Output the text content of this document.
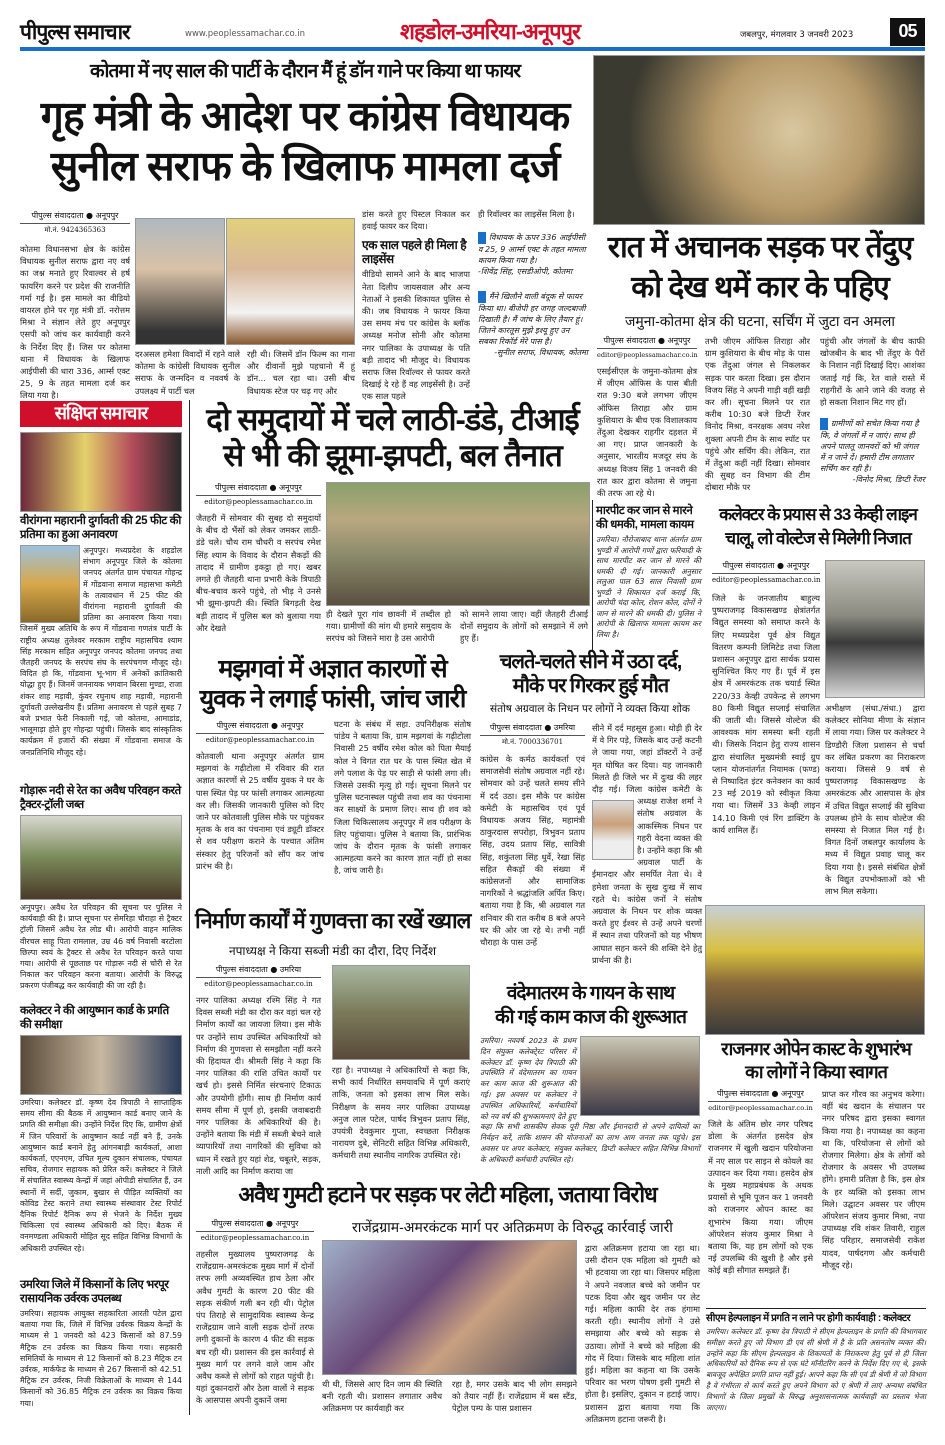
पीपुल्स समाचार	www.peoplessamachar.co.in	शहडोल-उमरिया-अनूपपुर	जबलपुर, मंगलवार 3 जनवरी 2023	05
कोतमा में नए साल की पार्टी के दौरान मैं हूं डॉन गाने पर किया था फायर
गृह मंत्री के आदेश पर कांग्रेस विधायक
सुनील सराफ के खिलाफ मामला दर्ज
पीपुल्स संवाददाता ● अनूपपुर
मो.नं. 9424365363
कोतमा विधानसभा क्षेत्र के कांग्रेस विधायक सुनील सराफ द्वारा नए वर्ष का जश्न मनाते हुए रिवाल्वर से हर्ष फायरिंग करने पर प्रदेश की राजनीति गर्मा गई है। इस मामले का वीडियो वायरल होने पर गृह मंत्री डॉ. नरोत्तम मिश्रा ने संज्ञान लेते हुए अनूपपुर एसपी को जांच कर कार्यवाही करने के निर्देश दिए हैं। जिस पर कोतमा थाना में विधायक के खिलाफ आईपीसी की धारा 336, आर्म्स एक्ट 25, 9 के तहत मामला दर्ज कर लिया गया है।
दरअसल हमेशा विवादों में रहने वाले कोतमा के कांग्रेसी विधायक सुनील सराफ के जन्मदिन व नववर्ष के उपलक्ष्य में पार्टी चल
रही थी। जिसमें डॉन फिल्म का गाना और दीवानों मुझे पहचानो मैं हूं डॉन... चल रहा था। उसी बीच विधायक स्टेज पर चढ़ गए और
डांस करते हुए पिस्टल निकाल कर हवाई फायर कर दिया।
एक साल पहले ही मिला है लाइसेंस
वीडियो सामने आने के बाद भाजपा नेता दिलीप जायसवाल और अन्य नेताओं ने इसकी शिकायत पुलिस से की। जब विधायक ने फायर किया उस समय मंच पर कांग्रेस के ब्लॉक अध्यक्ष मनोज सोनी और कोतमा नगर पालिका के उपाध्यक्ष के पति बड़ी तादाद भी मौजूद थे। विधायक सराफ जिस रिवॉल्वर से फायर करते दिखाई दे रहे हैं वह लाइसेंसी है। उन्हें एक साल पहले
ही रिवॉल्वर का लाइसेंस मिला है।
विधायक के ऊपर 336 आईपीसी व 25, 9 आर्म्स एक्ट के तहत मामला कायम किया गया है।
-शिवेंद्र सिंह, एसडीओपी, कोतमा
मैंने खिलौने वाली बंदूक से फायर किया था। बीजेपी हर जगह जल्दबाजी दिखाती है। मैं जांच के लिए तैयार हूं। जितने कारतूस मुझे इश्यू हुए उन सबका रिकॉर्ड मेरे पास है।
-सुनील सराफ, विधायक, कोतमा
रात में अचानक सड़क पर तेंदुए
को देख थमें कार के पहिए
जमुना-कोतमा क्षेत्र की घटना, सर्चिंग में जुटा वन अमला
पीपुल्स संवाददाता ● अनूपपुर
editor@peoplessamachar.co.in
एसईसीएल के जमुना-कोतमा क्षेत्र में जीएम ऑफिस के पास बीती रात 9:30 बजे लगभग जीएम ऑफिस तिराहा और ग्राम कुशियारा के बीच एक विशालकाय तेंदुआ देखकर राहगीर दहशत में आ गए। प्राप्त जानकारी के अनुसार, भारतीय मजदूर संघ के अध्यक्ष विजय सिंह 1 जनवरी की रात कार द्वारा कोतमा से जमुना की तरफ आ रहे थे।
तभी जीएम ऑफिस तिराहा और ग्राम कुशियारा के बीच मोड़ के पास एक तेंदुआ जंगल से निकलकर सड़क पार करता दिखा। इस दौरान विजय सिंह ने अपनी गाड़ी वहीं खड़ी कर ली। सूचना मिलने पर रात करीब 10:30 बजे डिप्टी रेंजर विनोद मिश्रा, वनरक्षक अवध नरेश शुक्ला अपनी टीम के साथ स्पॉट पर पहुंचे और सर्चिंग की। लेकिन, रात में तेंदुआ कहीं नहीं दिखा। सोमवार की सुबह वन विभाग की टीम दोबारा मौके पर
पहुंची और जंगलों के बीच काफी खोजबीन के बाद भी तेंदुए के पैरों के निशान नहीं दिखाई दिए। आशंका जताई गई कि, रेत वाले रास्ते में राहगीरों के आने जाने की वजह से हो सकता निशान मिट गए हों।
ग्रामीणों को सचेत किया गया है कि, वे जंगलों में न जाएं। साथ ही अपने पालतू जानवरों को भी जंगल में न जाने दें। हमारी टीम लगातार सर्चिंग कर रही है।
-विनोद मिश्रा, डिप्टी रेंजर
संक्षिप्त समाचार
वीरांगना महारानी दुर्गावती की 25 फीट की प्रतिमा का हुआ अनावरण
अनूपपुर। मध्यप्रदेश के शहडोल संभाग अनूपपुर जिले के कोतमा जनपद अंतर्गत ग्राम पंचायत गोहन्द्र में गोंडवाना समाज महासभा कमेटी के तत्वावधान में 25 फीट की वीरांगना महारानी दुर्गावती की प्रतिमा का अनावरण किया गया। जिसमें मुख्य अतिथि के रूप में गोंडवाना गणतंत्र पार्टी के राष्ट्रीय अध्यक्ष तुलेश्वर मरकाम राष्ट्रीय महासचिव श्याम सिंह मरकाम सहित अनूपपुर जनपद कोतमा जनपद तथा जैतहरी जनपद के सरपंच संघ के सरपंचगण मौजूद रहे। विदित हो कि, गोंडवाना भू-भाग में अनेकों क्रांतिकारी योद्धा हुए हैं। जिनमें जननायक भगवान बिरसा मुण्डा, राजा शंकर शाह मड़ावी, कुंवर रघुनाथ शाह मड़ावी, महारानी दुर्गावती उल्लेखनीय हैं। प्रतिमा अनावरण से पहले सुबह 7 बजे प्रभात फेरी निकाली गई, जो कोतमा, आमाडांड, भालूमाड़ा होते हुए गोहन्द्रा पहुंची। जिसके बाद सांस्कृतिक कार्यक्रम में हजारों की संख्या में गोंडवाना समाज के जनप्रतिनिधि मौजूद रहे।
गोड़ारू नदी से रेत का अवैध परिवहन करते ट्रैक्टर-ट्रॉली जब्त
अनूपपुर। अवैध रेत परिवहन की सूचना पर पुलिस ने कार्यवाही की है। प्राप्त सूचना पर सेमरिहा चौराहा से ट्रैक्टर ट्रॉली जिसमें अवैध रेत लोड थी। आरोपी वाहन मालिक वीरचल साहू पिता रामलाल, उम्र 46 वर्ष निवासी बरटोला छिल्पा स्वयं के ट्रैक्टर से अवैध रेत परिवहन करते पाया गया। आरोपी से पूछताछ पर गोड़ारू नदी से चोरी से रेत निकाल कर परिवहन करना बताया। आरोपी के विरुद्ध प्रकरण पंजीबद्ध कर कार्यवाही की जा रही है।
कलेक्टर ने की आयुष्मान कार्ड के प्रगति की समीक्षा
उमरिया। कलेक्टर डॉ. कृष्ण देव त्रिपाठी ने साप्ताहिक समय सीमा की बैठक में आयुष्मान कार्ड बनाए जाने के प्रगति की समीक्षा की। उन्होंने निर्देश दिए कि, ग्रामीण क्षेत्रों में जिन परिवारों के आयुष्मान कार्ड नहीं बने हैं, उनके आयुष्मान कार्ड बनाने हेतु आंगनबाड़ी कार्यकर्ता, आशा कार्यकर्ता, एएनएम, उचित मूल्य दुकान संचालक, पंचायत सचिव, रोजगार सहायक को प्रेरित करें। कलेक्टर ने जिले में संचालित स्वास्थ्य केन्द्रों में जहां ओपीडी संचालित हैं, उन स्थानों में सर्दी, जुकाम, बुखार से पीड़ित व्यक्तियों का कोविड टेस्ट कराने तथा स्वास्थ्य संस्थावार टेस्ट रिपोर्ट दैनिक रिपोर्ट दैनिक रूप से भेजने के निर्देश मुख्य चिकित्सा एवं स्वास्थ्य अधिकारी को दिए। बैठक में वनमण्डला अधिकारी मोहित सूद सहित विभिन्न विभागों के अधिकारी उपस्थित रहे।
उमरिया जिले में किसानों के लिए भरपूर रासायनिक उर्वरक उपलब्ध
उमरिया। सहायक आयुक्त सहकारिता आरती पटेल द्वारा बताया गया कि, जिले में विभिन्न उर्वरक विक्रय केन्द्रों के माध्यम से 1 जनवरी को 423 किसानों को 87.59 मैट्रिक टन उर्वरक का विक्रय किया गया। सहकारी समितियों के माध्यम से 12 किसानों को 8.23 मैट्रिक टन उर्वरक, मार्कफेड के माध्यम से 267 किसानों को 42.51 मैट्रिक टन उर्वरक, निजी विक्रेताओं के माध्यम से 144 किसानों को 36.85 मैट्रिक टन उर्वरक का विक्रय किया गया।
दो समुदायों में चले लाठी-डंडे, टीआई
से भी की झूमा-झपटी, बल तैनात
पीपुल्स संवाददाता ● अनूपपुर
editor@peoplessamachar.co.in
जैतहरी में सोमवार की सुबह दो समुदायों के बीच दो भैंसों को लेकर जमकर लाठी-डंडे चले। चौथ राम चौधरी व सरपंच रमेश सिंह श्याम के विवाद के दौरान सैकड़ों की तादाद में ग्रामीण इकट्ठा हो गए। खबर लगते ही जैतहरी थाना प्रभारी केके त्रिपाठी बीच-बचाव करने पहुंचे, तो भीड़ ने उनसे भी झूमा-झपटी की। स्थिति बिगड़ती देख बड़ी तादाद में पुलिस बल को बुलाया गया और देखते
ही देखते पूरा गांव छावनी में तब्दील हो गया। ग्रामीणों की मांग थी हमारे समुदाय के सरपंच को जिसने मारा है उस आरोपी
को सामने लाया जाए। वहीं जैतहरी टीआई दोनों समुदाय के लोगों को समझाने में लगे हुए हैं।
मारपीट कर जान से मारने की धमकी, मामला कायम
उमरिया। नौरोजाबाद थाना अंतर्गत ग्राम भुण्डी में आरोपी गणों द्वारा फरियादी के साथ मारपीट कर जान से मारने की धमकी दी गई। जानकारी अनुसार ललुआ पाल 63 साल निवासी ग्राम भुण्डी ने शिकायत दर्ज कराई कि, आरोपी चंदा कोल, रोशन कोल, दोनों ने जान से मारने की धमकी दी। पुलिस ने आरोपी के खिलाफ मामला कायम कर लिया है।
कलेक्टर के प्रयास से 33 केव्ही लाइन
चालू, लो वोल्टेज से मिलेगी निजात
पीपुल्स संवाददाता ● अनूपपुर
editor@peoplessamachar.co.in
जिले के जनजातीय बाहुल्य पुष्पराजगढ़ विकासखण्ड क्षेत्रांतर्गत विद्युत समस्या को समाप्त करने के लिए मध्यप्रदेश पूर्व क्षेत्र विद्युत वितरण कम्पनी लिमिटेड तथा जिला प्रशासन अनूपपुर द्वारा सार्थक प्रयास सुनिश्चित किए गए हैं। पूर्व में इस क्षेत्र में अमरकंटक तक चयार्ड स्थित 220/33 केव्ही उपकेन्द्र से लगभग 80 किमी विद्युत सप्लाई संचालित की जाती थी। जिससे वोल्टेज की आवश्यक मांग समस्या बनी रहती थी। जिसके निदान हेतु राज्य शासन द्वारा संचालित मुख्यमंत्री स्वाई ग्रुप प्लान योजनांतर्गत नियामक (फण्ड) से निष्पादित इंटर कनेक्शन का कार्य 23 मई 2019 को स्वीकृत किया गया था। जिसमें 33 केव्ही लाइन 14.10 किमी एवं रिंग डाक्टिंग के कार्य शामिल हैं।
अभीक्षण (संधा./संधा.) द्वारा कलेक्टर सोनिया मीणा के संज्ञान में लाया गया। जिस पर कलेक्टर ने डिण्डौरी जिला प्रशासन से चर्चा कर लंबित प्रकरण का निराकरण कराया। जिससे 9 वर्ष से पुष्पराजगढ़ विकासखण्ड के अमरकंटक और आसपास के क्षेत्र में उचित विद्युत सप्लाई की सुविधा उपलब्ध होने के साथ वोल्टेज की समस्या से निजात मिल गई है। विगत दिनों जबलपुर कार्यालय के मध्य में विद्युत प्रवाह चालू कर दिया गया है। इससे संबंधित क्षेत्रों के विद्युत उपभोक्ताओं को भी लाभ मिल सकेगा।
मझगवां में अज्ञात कारणों से
युवक ने लगाई फांसी, जांच जारी
पीपुल्स संवाददाता ● अनूपपुर
editor@peoplessamachar.co.in
कोतवाली थाना अनूपपुर अंतर्गत ग्राम मझगवां के गढ़ीटोला में रविवार की रात अज्ञात कारणों से 25 वर्षीय युवक ने घर के पास स्थित पेड़ पर फांसी लगाकर आत्महत्या कर ली। जिसकी जानकारी पुलिस को दिए जाने पर कोतवाली पुलिस मौके पर पहुंचकर मृतक के शव का पंचनामा एवं ड्यूटी डॉक्टर से शव परीक्षण कराने के पश्चात अंतिम संस्कार हेतु परिजनों को सौंप कर जांच प्रारंभ की है।
घटना के संबंध में सहा. उपनिरीक्षक संतोष पांडेय ने बताया कि, ग्राम मझगवां के गढ़ीटोला निवासी 25 वर्षीय रमेश कोल को पिता मैयाई कोल ने विगत रात घर के पास स्थित खेत में लगे पलाश के पेड़ पर साड़ी से फांसी लगा ली। जिससे उसकी मृत्यु हो गई। सूचना मिलने पर पुलिस घटनास्थल पहुंची तथा शव का पंचनामा कर साक्ष्यों के प्रमाण लिए। साथ ही शव को जिला चिकित्सालय अनूपपुर में शव परीक्षण के लिए पहुंचाया। पुलिस ने बताया कि, प्रारंभिक जांच के दौरान मृतक के फांसी लगाकर आत्महत्या करने का कारण ज्ञात नहीं हो सका है, जांच जारी है।
चलते-चलते सीने में उठा दर्द,
मौके पर गिरकर हुई मौत
संतोष अग्रवाल के निधन पर लोगों ने व्यक्त किया शोक
पीपुल्स संवाददाता ● उमरिया
मो.नं. 7000336701
कांग्रेस के कर्मठ कार्यकर्ता एवं समाजसेवी संतोष अग्रवाल नहीं रहे। सोमवार को उन्हें चलते समय सीने में दर्द उठा। इस मौके पर कांग्रेस कमेटी के महासचिव एवं पूर्व विधायक अजय सिंह, महामंत्री ठाकुरदास सपरोहा, त्रिभुवन प्रताप सिंह, उदय प्रताप सिंह, सावित्री सिंह, शकुंतला सिंह धुर्वे, रेखा सिंह सहित सैकड़ों की संख्या में कांग्रेसजनों और सामाजिक नागरिकों ने श्रद्धांजलि अर्पित किए। बताया गया है कि, श्री अग्रवाल गत शनिवार की रात करीब 8 बजे अपने घर की ओर जा रहे थे। तभी नहीं चौराहा के पास उन्हें
सीने में दर्द महसूस हुआ। थोड़ी ही देर में वे गिर पड़े, जिसके बाद उन्हें कटनी ले जाया गया, जहां डॉक्टरों ने उन्हें मृत घोषित कर दिया। यह जानकारी मिलते ही जिले भर में दुःख की लहर दौड़ गई। जिला कांग्रेस कमेटी के अध्यक्ष राजेश शर्मा ने संतोष अग्रवाल के आकस्मिक निधन पर गहरी वेदना व्यक्त की है। उन्होंने कहा कि श्री अग्रवाल पार्टी के ईमानदार और समर्पित नेता थे। वे हमेशा जनता के सुख दुःख में साथ रहते थे। कांग्रेस जनों ने संतोष अग्रवाल के निधन पर शोक व्यक्त करते हुए ईश्वर से उन्हें अपने चरणों में स्थान तथा परिजनों को यह भीषण आघात सहन करने की शक्ति देने हेतु प्रार्थना की है।
निर्माण कार्यों में गुणवत्ता का रखें ख्याल
नपाध्यक्ष ने किया सब्जी मंडी का दौरा, दिए निर्देश
पीपुल्स संवाददाता ● उमरिया
editor@peoplessamachar.co.in
नगर पालिका अध्यक्ष रश्मि सिंह ने गत दिवस सब्जी मंडी का दौरा कर वहां चल रहे निर्माण कार्यों का जायजा लिया। इस मौके पर उन्होंने साथ उपस्थित अधिकारियों को निर्माण की गुणवत्ता से समझौता नहीं करने की हिदायत दी। श्रीमती सिंह ने कहा कि नगर पालिका की राशि उचित कार्यों पर खर्च हो। इससे निर्मित संरचनाएं टिकाऊ और उपयोगी होंगी। साथ ही निर्माण कार्य समय सीमा में पूर्ण हो, इसकी जवाबदारी नगर पालिका के अधिकारियों की है। उन्होंने बताया कि मंडी में सब्जी बेचने वाले व्यापारियों तथा नागरिकों की सुविधा को ध्यान में रखते हुए यहां शेड, चबूतरे, सड़क, नाली आदि का निर्माण कराया जा
रहा है। नपाध्यक्ष ने अधिकारियों से कहा कि, सभी कार्य निर्धारित समयावधि में पूर्ण कराएं ताकि, जनता को इसका लाभ मिल सके। निरीक्षण के समय नगर पालिका उपाध्यक्ष अनुज लाल पटेल, पार्षद त्रिभुवन प्रताप सिंह, उपयंत्री देवकुमार गुप्ता, स्वच्छता निरीक्षक नारायण दुबे, सेनिटरी सहित विभिन्न अधिकारी, कर्मचारी तथा स्थानीय नागरिक उपस्थित रहे।
वंदेमातरम के गायन के साथ
की गई काम काज की शुरूआत
उमरिया। नववर्ष 2023 के प्रथम दिन संयुक्त कलेक्टे्रट परिसर में कलेक्टर डॉ. कृष्ण देव त्रिपाठी की उपस्थिति में वंदेमातरम का गायन कर काम काज की शुरूआत की गई। इस अवसर पर कलेक्टर ने उपस्थित अधिकारियों, कर्मचारियों को नव वर्ष की शुभकामनाएं देते हुए कहा कि सभी शासकीय सेवक पूरी निष्ठा और ईमानदारी से अपने दायित्वों का निर्वहन करें, ताकि शासन की योजनाओं का लाभ आम जनता तक पहुंचे। इस अवसर पर अपर कलेक्टर, संयुक्त कलेक्टर, डिप्टी कलेक्टर सहित विभिन्न विभागों के अधिकारी कर्मचारी उपस्थित रहे।
राजनगर ओपेन कास्ट के शुभारंभ
का लोगों ने किया स्वागत
पीपुल्स संवाददाता ● अनूपपुर
editor@peoplessamachar.co.in
जिले के अंतिम छोर नगर परिषद डोला के अंतर्गत हसदेव क्षेत्र राजनगर में खुली खदान परियोजना में नए साल पर साइन से कोयले का उत्पादन कर दिया गया। हसदेव क्षेत्र के मुख्य महाप्रबंधक के अथक प्रयासों से भूमि पूजन कर 1 जनवरी को राजनगर ओपन कास्ट का शुभारंभ किया गया। जीएम ऑपरेशन संजय कुमार मिश्रा ने बताया कि, यह हम लोगों को एक नई उपलब्धि की खुशी है और इसे कोई बड़ी सौगात समझते हैं।
प्राप्त कर गौरव का अनुभव करेगा। वहीं बंद खदान के संचालन पर नगर परिषद द्वारा इसका स्वागत किया गया है। नपाध्यक्ष का कहना था कि, परियोजना से लोगों को रोजगार मिलेगा। क्षेत्र के लोगों को रोजगार के अवसर भी उपलब्ध होंगे। हमारी प्रतिज्ञा है कि, इस क्षेत्र के हर व्यक्ति को इसका लाभ मिले। उद्घाटन अवसर पर जीएम ऑपरेशन संजय कुमार मिश्रा, नपा उपाध्यक्ष रवि शंकर तिवारी, राहुल सिंह परिहार, समाजसेवी राकेश यादव, पार्षदगण और कर्मचारी मौजूद रहे।
अवैध गुमटी हटाने पर सड़क पर लेटी महिला, जताया विरोध
पीपुल्स संवाददाता ● अनूपपुर
editor@peoplessamachar.co.in
तहसील मुख्यालय पुष्पराजगढ़ के राजेंद्रग्राम-अमरकंटक मुख्य मार्ग में दोनों तरफ लगी अव्यवस्थित हाथ ठेला और अवैध गुमटी के कारण 20 फीट की सड़क संकीर्ण गली बन रही थी। पेट्रोल पंप तिराहे से सामुदायिक स्वास्थ्य केन्द्र राजेंद्रग्राम जाने वाली सड़क दोनों तरफ लगी दुकानों के कारण 4 फीट की सड़क बच रही थी। प्रशासन की इस कार्रवाई से मुख्य मार्ग पर लगने वाले जाम और अवैध कब्जे से लोगों को राहत पहुंची है। यहां दुकानदारों और ठेला वालों ने सड़क के आसपास अपनी दुकानें जमा
राजेंद्रग्राम-अमरकंटक मार्ग पर अतिक्रमण के विरुद्ध कार्रवाई जारी
थी थी, जिससे आए दिन जाम की स्थिति बनी रहती थी। प्रशासन लगातार अवैध अतिक्रमण पर कार्यवाही कर
रहा है, मगर उसके बाद भी लोग समझने को तैयार नहीं हैं। राजेंद्रग्राम में बस स्टैंड, पेट्रोल पम्प के पास प्रशासन
द्वारा अतिक्रमण हटाया जा रहा था। उसी दौरान एक महिला को गुमटी को भी हटवाया जा रहा था। जिसपर महिला ने अपने नवजात बच्चे को जमीन पर पटक दिया और खुद जमीन पर लेट गई। महिला काफी देर तक हंगामा करती रही। स्थानीय लोगों ने उसे समझाया और बच्चे को सड़क से उठाया। लोगों ने बच्चे को महिला की गोद में दिया। जिसके बाद महिला शांत हुई। महिला का कहना था कि उसके परिवार का भरण पोषण इसी गुमटी से होता है। इसलिए, दुकान न हटाई जाए। प्रशासन द्वारा बताया गया कि अतिक्रमण हटाना जरूरी है।
सीएम हेल्पलाइन में प्रगति न लाने पर होगी कार्यवाही : कलेक्टर
उमरिया। कलेक्टर डॉ. कृष्ण देव त्रिपाठी ने सीएम हेल्पलाइन के प्रगति की विभागवार समीक्षा करते हुए जो विभाग डी एवं सी श्रेणी में है के प्रति असनतोष व्यक्त की। उन्होंने कहा कि सीएम हेल्पलाइन के शिकायतों के निराकरण हेतु पूर्व से ही जिला अधिकारियों को दैनिक रूप से एक घंटे मॉनीटरिंग करने के निर्देश दिए गए थे, इसके बावजूद अपेक्षित प्रगति प्राप्त नहीं हुई। आपने कहा कि सी एवं डी श्रेणी में जो विभाग है वे गंभीरता से कार्य करते हुए अपने विभाग को ए श्रेणी में लाएं अन्यथा संबंधित विभागों के जिला प्रमुखों के विरुद्ध अनुशासनात्मक कार्यवाही का प्रस्ताव भेजा जाएगा।
